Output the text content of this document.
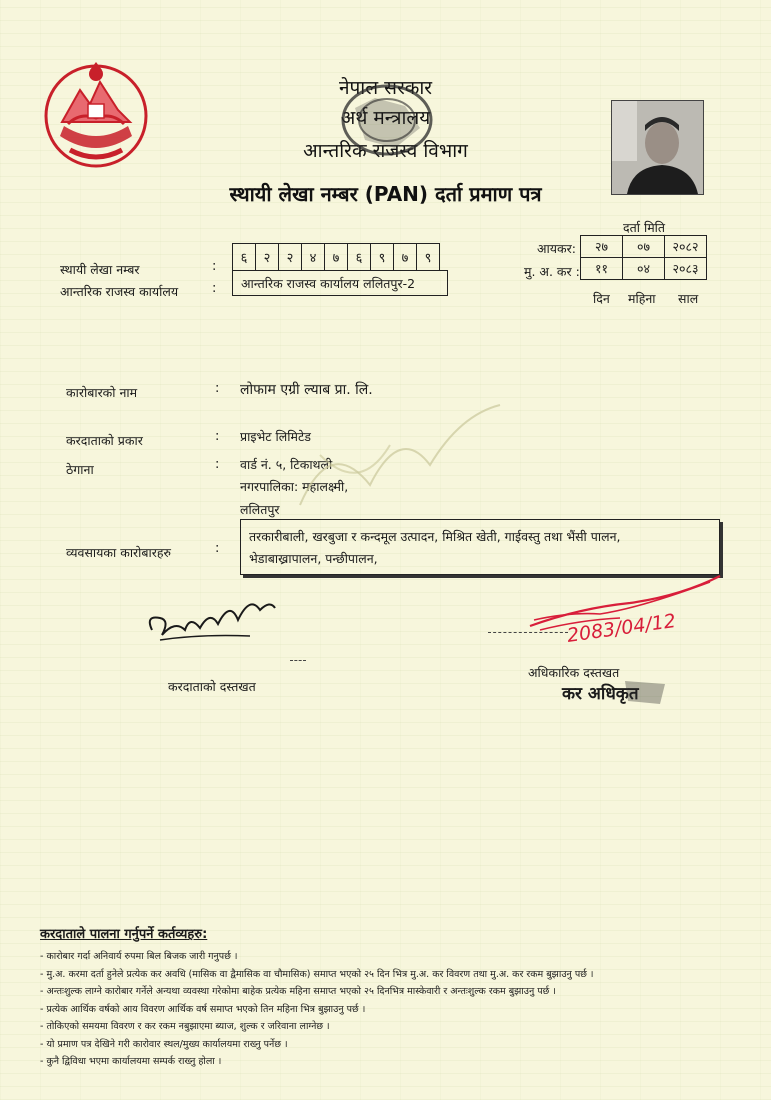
नेपाल सरकार
अर्थ मन्त्रालय
आन्तरिक राजस्व विभाग
स्थायी लेखा नम्बर (PAN) दर्ता प्रमाण पत्र
दर्ता मिति
आयकर:
मु. अ. कर :
२७	०७	२०८२
११	०४	२०८३
दिन महिना साल
स्थायी लेखा नम्बर	:
६	२	२	४	७	६	९	७	९
आन्तरिक राजस्व कार्यालय	:	आन्तरिक राजस्व कार्यालय ललितपुर-2
कारोबारको नाम	: लोफाम एग्री ल्याब प्रा. लि.
करदाताको प्रकार	: प्राइभेट लिमिटेड
ठेगाना	: वार्ड नं. ५, टिकाथली
नगरपालिका: महालक्ष्मी,
ललितपुर
व्यवसायका कारोबारहरु	:
तरकारीबाली, खरबुजा र कन्दमूल उत्पादन, मिश्रित खेती, गाईवस्तु तथा भैंसी पालन,
भेडाबाख्रापालन, पन्छीपालन,
करदाताको दस्तखत
2083/04/12
अधिकारिक दस्तखत
कर अधिकृत
करदाताले पालना गर्नुपर्ने कर्तव्यहरु:
- कारोबार गर्दा अनिवार्य रुपमा बिल बिजक जारी गनुपर्छ ।
- मु.अ. करमा दर्ता हुनेले प्रत्येक कर अवधि (मासिक वा द्वैमासिक वा चौमासिक) समाप्त भएको २५ दिन भित्र मु.अ. कर विवरण तथा मु.अ. कर रकम बुझाउनु पर्छ ।
- अन्तःशुल्क लाग्ने कारोबार गर्नेले अन्यथा व्यवस्था गरेकोमा बाहेक प्रत्येक महिना समाप्त भएको २५ दिनभित्र मास्केवारी र अन्तःशुल्क रकम बुझाउनु पर्छ ।
- प्रत्येक आर्थिक वर्षको आय विवरण आर्थिक वर्ष समाप्त भएको तिन महिना भित्र बुझाउनु पर्छ ।
- तोकिएको समयमा विवरण र कर रकम नबुझाएमा ब्याज, शुल्क र जरिवाना लाग्नेछ ।
- यो प्रमाण पत्र देखिने गरी कारोवार स्थल/मुख्य कार्यालयमा राख्नु पर्नेछ ।
- कुनै द्विविधा भएमा कार्यालयमा सम्पर्क राख्नु होला ।
